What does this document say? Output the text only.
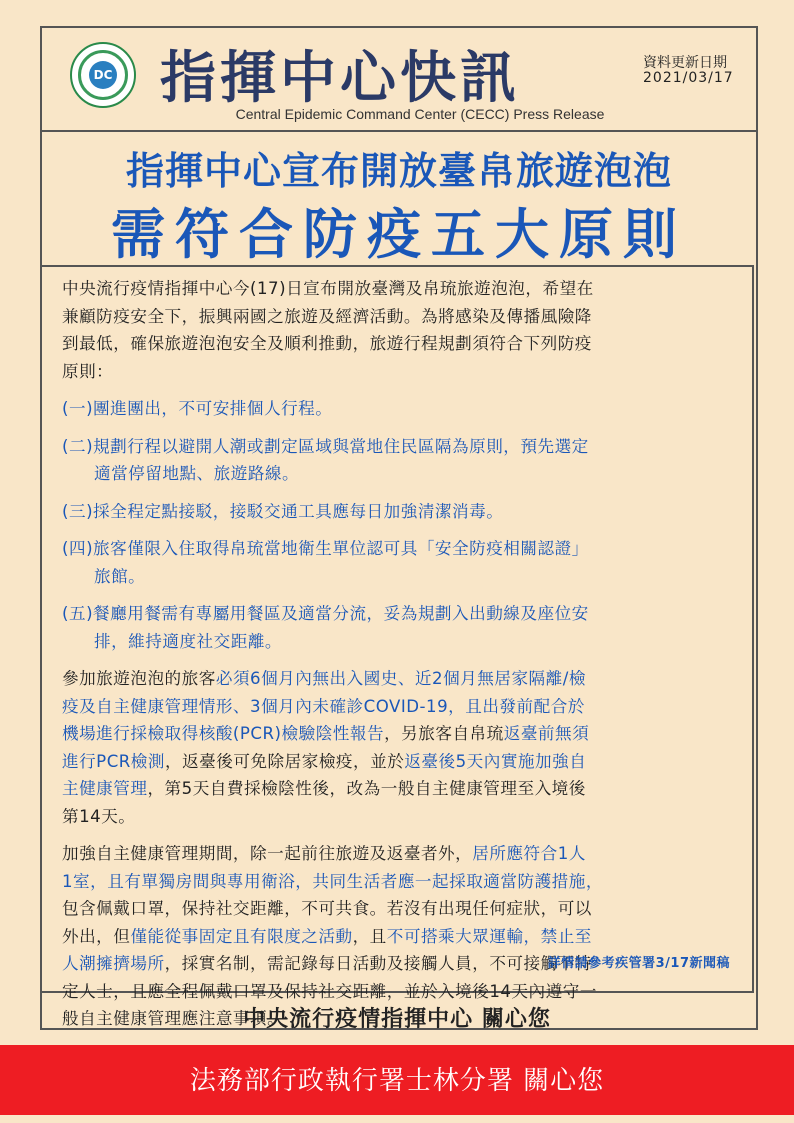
DC 指揮中心快訊	資料更新日期
2021/03/17
Central Epidemic Command Center (CECC) Press Release
指揮中心宣布開放臺帛旅遊泡泡
需符合防疫五大原則

中央流行疫情指揮中心今(17)日宣布開放臺灣及帛琉旅遊泡泡，希望在

兼顧防疫安全下，振興兩國之旅遊及經濟活動。為將感染及傳播風險降

到最低，確保旅遊泡泡安全及順利推動，旅遊行程規劃須符合下列防疫

原則：

(一)團進團出，不可安排個人行程。

(二)規劃行程以避開人潮或劃定區域與當地住民區隔為原則，預先選定

適當停留地點、旅遊路線。

(三)採全程定點接駁，接駁交通工具應每日加強清潔消毒。

(四)旅客僅限入住取得帛琉當地衛生單位認可具「安全防疫相關認證」

旅館。

(五)餐廳用餐需有專屬用餐區及適當分流，妥為規劃入出動線及座位安

排，維持適度社交距離。

參加旅遊泡泡的旅客必須6個月內無出入國史、近2個月無居家隔離/檢

疫及自主健康管理情形、3個月內未確診COVID-19，且出發前配合於

機場進行採檢取得核酸(PCR)檢驗陰性報告，另旅客自帛琉返臺前無須

進行PCR檢測，返臺後可免除居家檢疫，並於返臺後5天內實施加強自

主健康管理，第5天自費採檢陰性後，改為一般自主健康管理至入境後

第14天。

加強自主健康管理期間，除一起前往旅遊及返臺者外，居所應符合1人

1室，且有單獨房間與專用衛浴，共同生活者應一起採取適當防護措施，

包含佩戴口罩，保持社交距離，不可共食。若沒有出現任何症狀，可以

外出，但僅能從事固定且有限度之活動，且不可搭乘大眾運輸，禁止至

人潮擁擠場所，採實名制，需記錄每日活動及接觸人員，不可接觸不特

定人士，且應全程佩戴口罩及保持社交距離，並於入境後14天內遵守一

般自主健康管理應注意事項。

詳情請參考疾管署3/17新聞稿
中央流行疫情指揮中心 關心您
法務部行政執行署士林分署 關心您
